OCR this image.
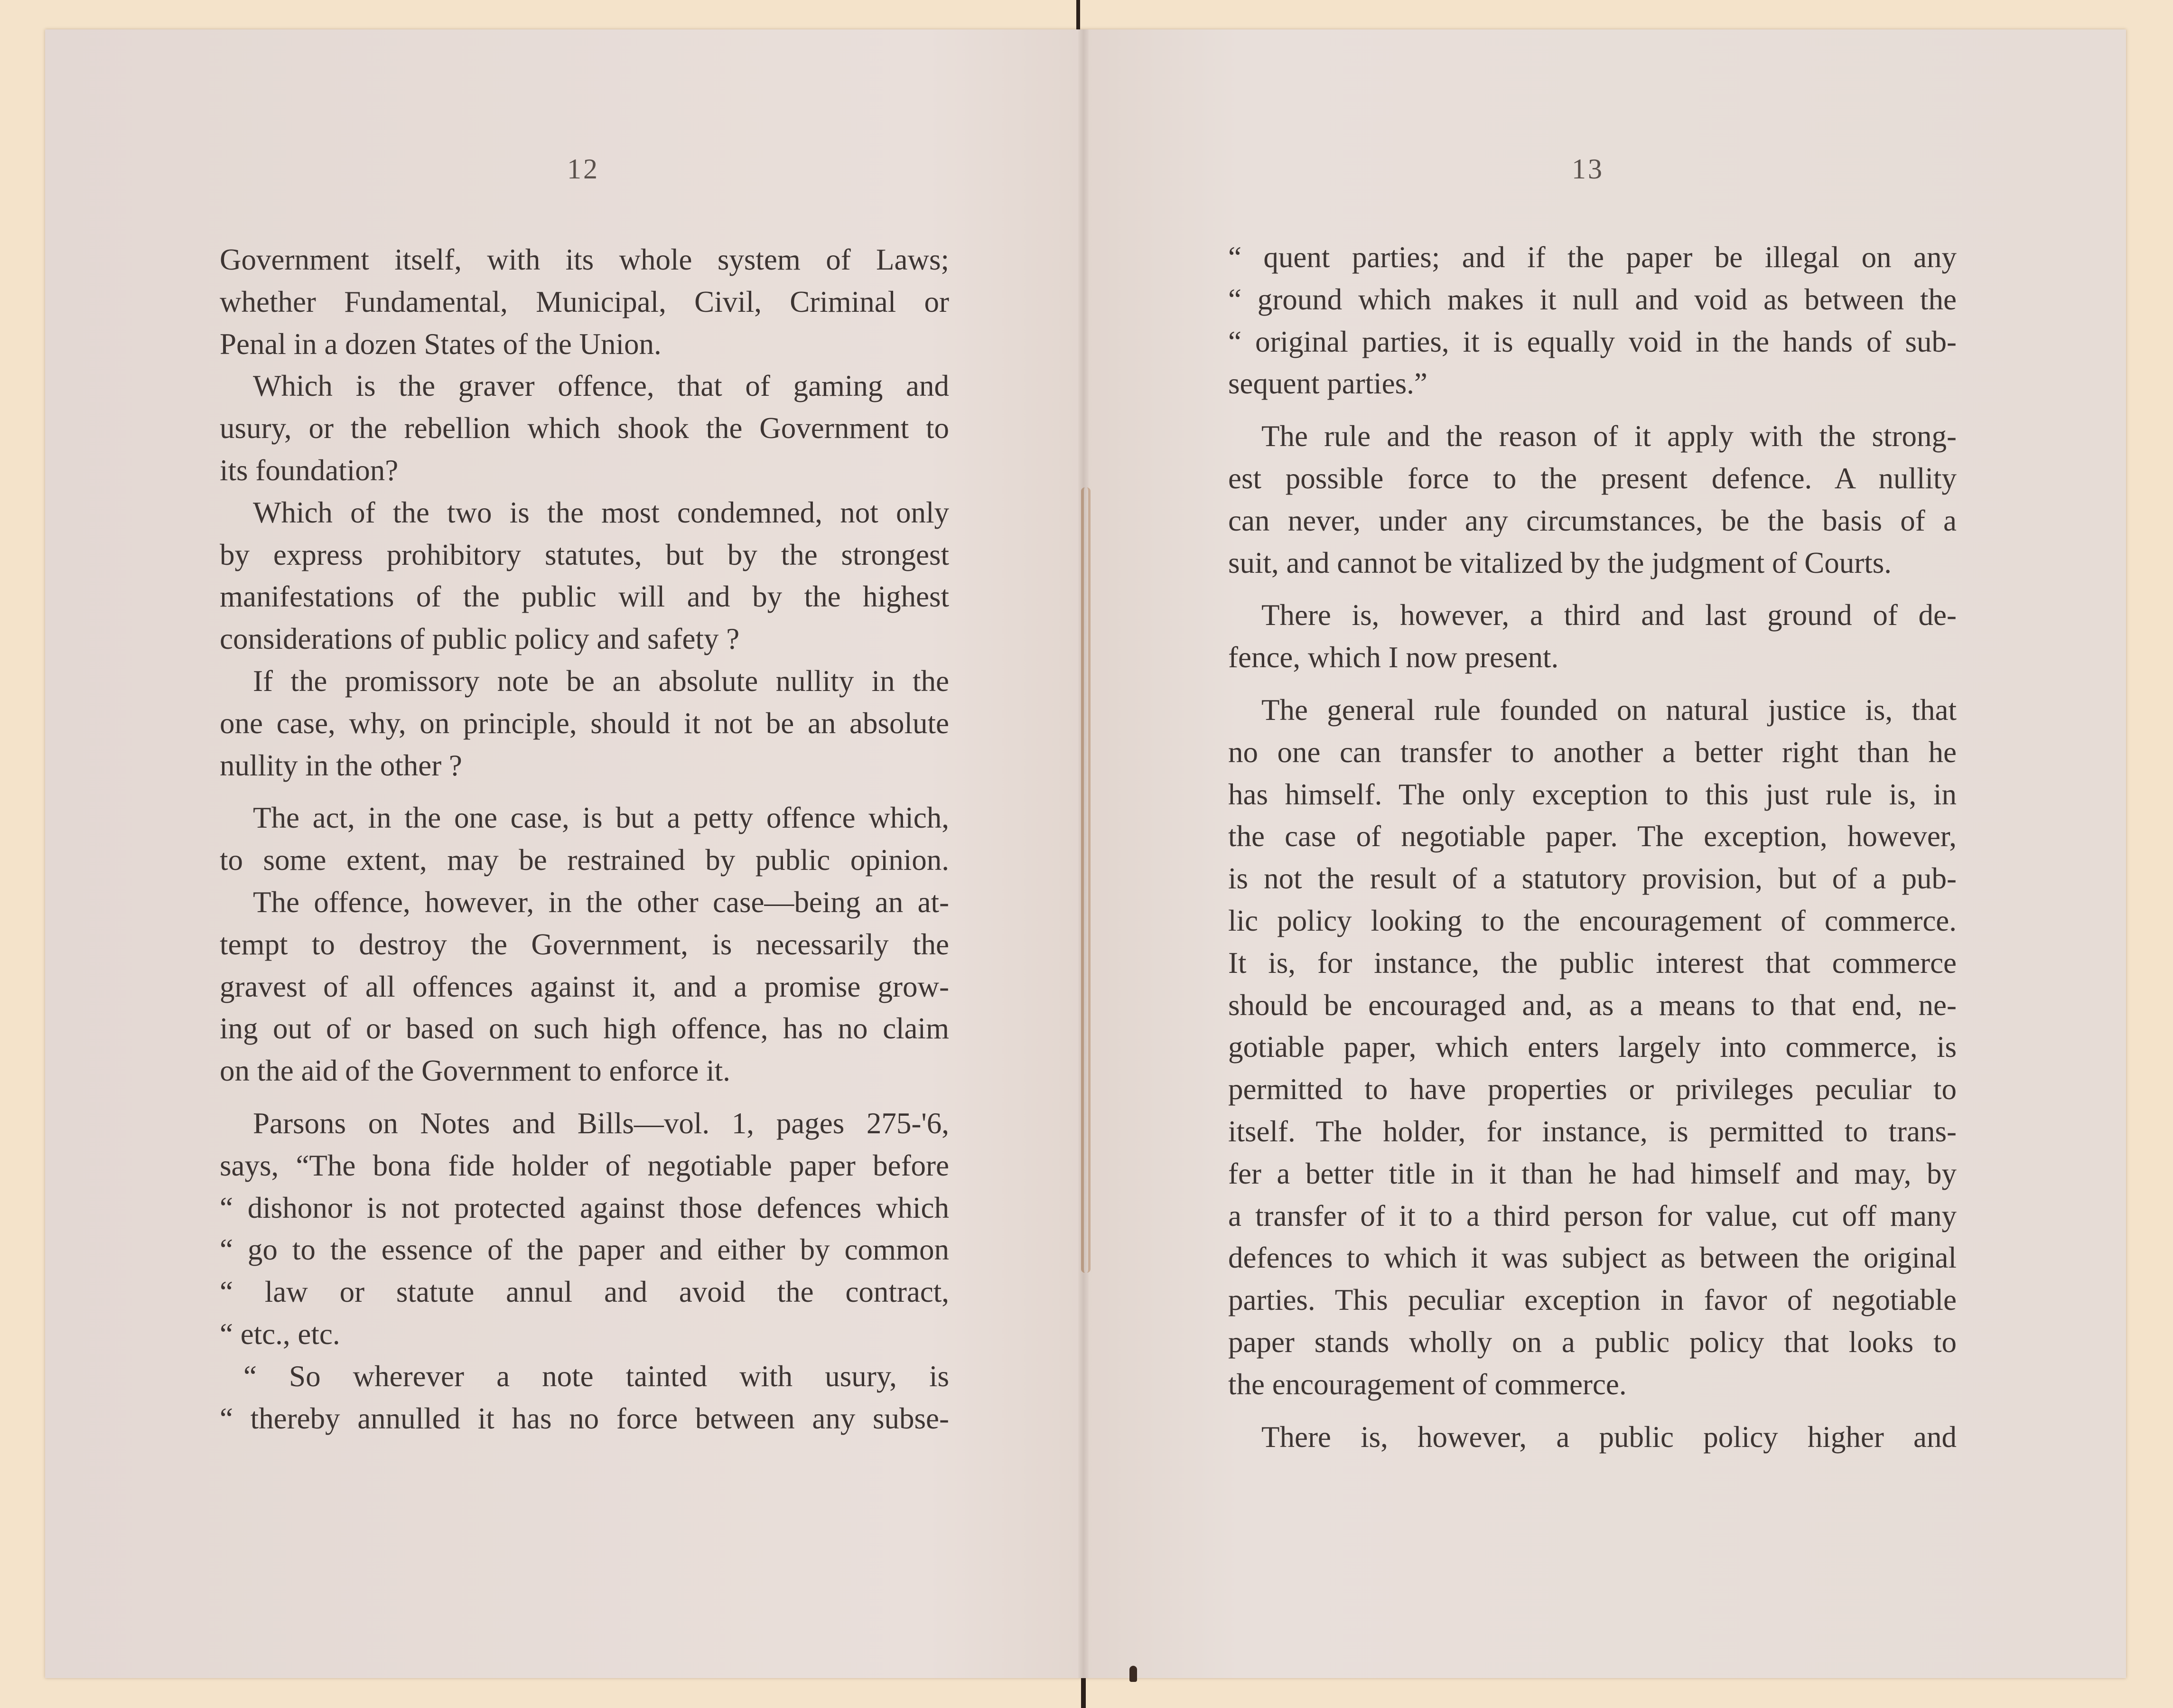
12	13

Government itself, with its whole system of Laws;
whether Fundamental, Municipal, Civil, Criminal or
Penal in a dozen States of the Union.

Which is the graver offence, that of gaming and

usury, or the rebellion which shook the Government to
its foundation?

Which of the two is the most condemned, not only

by express prohibitory statutes, but by the strongest
manifestations of the public will and by the highest
considerations of public policy and safety ?

If the promissory note be an absolute nullity in the

one case, why, on principle, should it not be an absolute
nullity in the other ?

The act, in the one case, is but a petty offence which,

to some extent, may be restrained by public opinion.

The offence, however, in the other case—being an at-

tempt to destroy the Government, is necessarily the
gravest of all offences against it, and a promise grow-
ing out of or based on such high offence, has no claim
on the aid of the Government to enforce it.

Parsons on Notes and Bills—vol. 1, pages 275-'6,

says, “The bona fide holder of negotiable paper before
“ dishonor is not protected against those defences which
“ go to the essence of the paper and either by common
“ law or statute annul and avoid the contract,
“ etc., etc.

“ So wherever a note tainted with usury, is

“ thereby annulled it has no force between any subse-

“ quent parties; and if the paper be illegal on any
“ ground which makes it null and void as between the
“ original parties, it is equally void in the hands of sub-
sequent parties.”

The rule and the reason of it apply with the strong-

est possible force to the present defence. A nullity
can never, under any circumstances, be the basis of a
suit, and cannot be vitalized by the judgment of Courts.

There is, however, a third and last ground of de-

fence, which I now present.

The general rule founded on natural justice is, that

no one can transfer to another a better right than he
has himself. The only exception to this just rule is, in
the case of negotiable paper. The exception, however,
is not the result of a statutory provision, but of a pub-
lic policy looking to the encouragement of commerce.
It is, for instance, the public interest that commerce
should be encouraged and, as a means to that end, ne-
gotiable paper, which enters largely into commerce, is
permitted to have properties or privileges peculiar to
itself. The holder, for instance, is permitted to trans-
fer a better title in it than he had himself and may, by
a transfer of it to a third person for value, cut off many
defences to which it was subject as between the original
parties. This peculiar exception in favor of negotiable
paper stands wholly on a public policy that looks to
the encouragement of commerce.

There is, however, a public policy higher and
